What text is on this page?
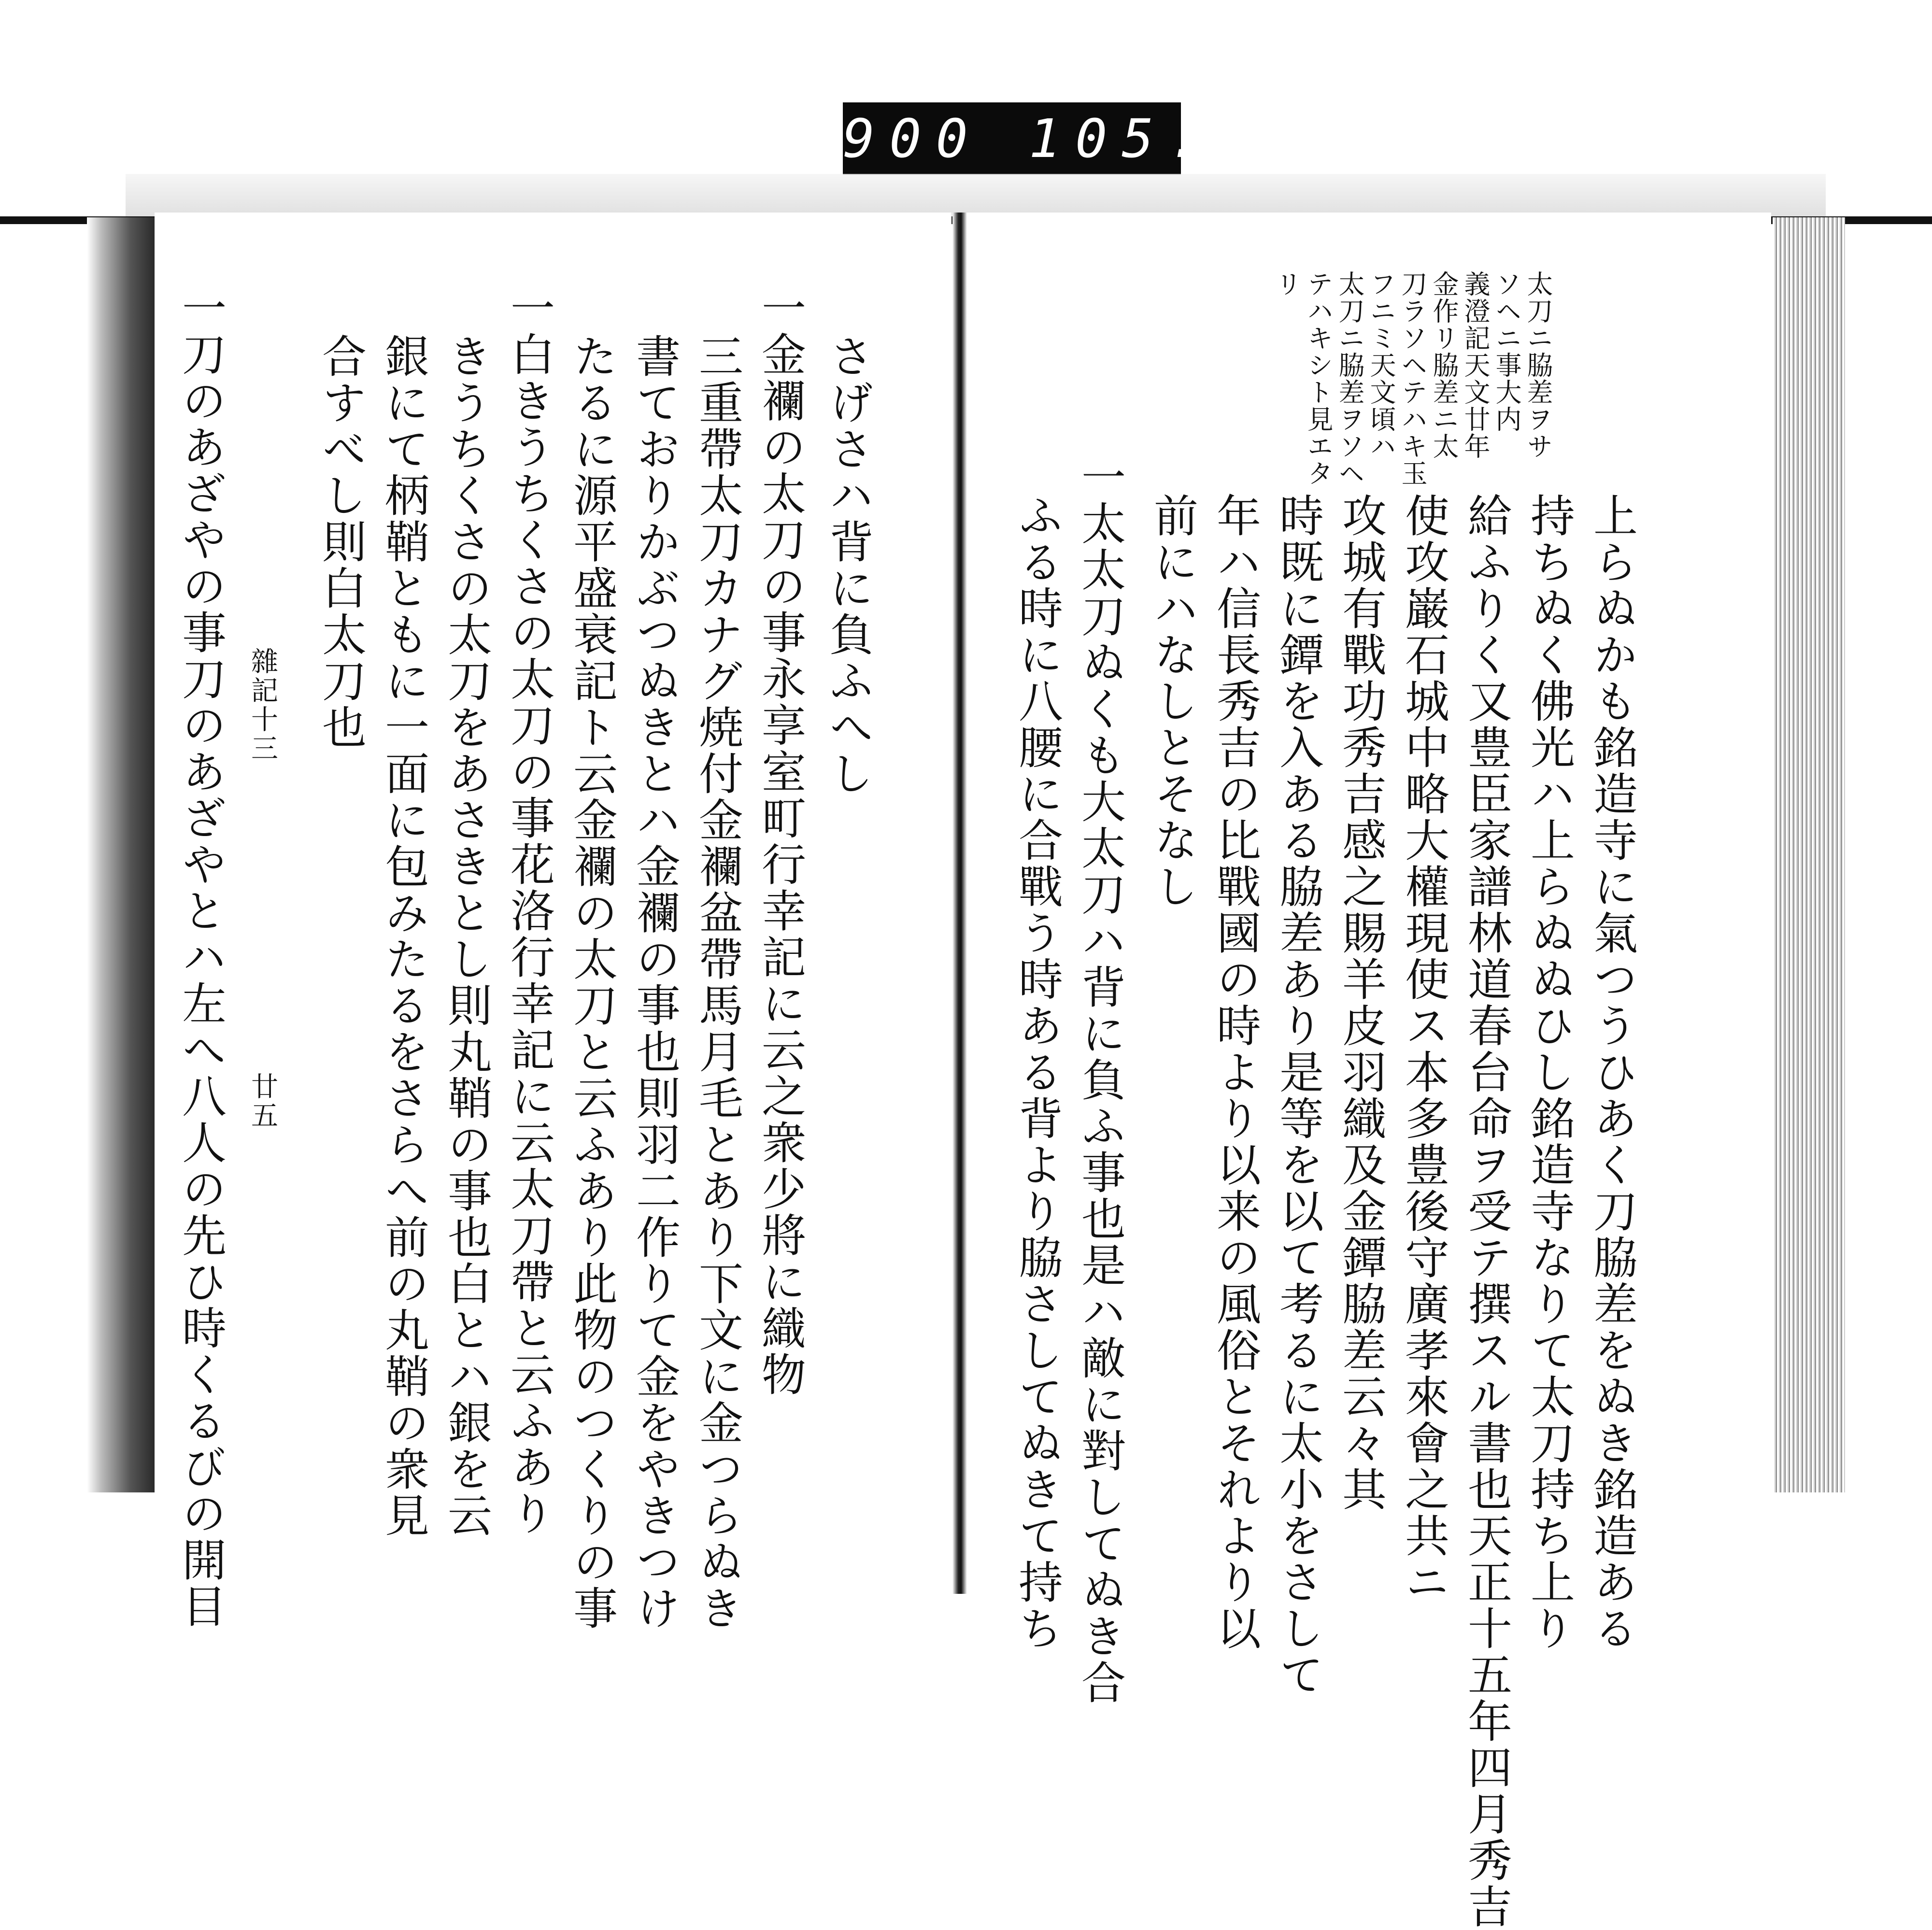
900 105.
さげさハ背に負ふへし
一金襴の太刀の事永享室町行幸記に云之衆少將に織物
三重帶太刀カナグ焼付金襴盆帶馬月毛とあり下文に金つらぬき
書ておりかぶつぬきとハ金襴の事也則羽二作りて金をやきつけ
たるに源平盛衰記ト云金襴の太刀と云ふあり此物のつくりの事
一白きうちくさの太刀の事花洛行幸記に云太刀帶と云ふあり
きうちくさの太刀をあさきとし則丸鞘の事也白とハ銀を云
銀にて柄鞘ともに一面に包みたるをさらへ前の丸鞘の衆見
合すべし則白太刀也
一刀のあざやの事刀のあざやとハ左へ八人の先ひ時くるびの開目 雜記十三
廿五
太刀ニ脇差ヲサ
ソヘニ事大内
義澄記天文廿年
金作リ脇差ニ太
刀ラソヘテハキ玉
フニミ天文頃ハ
太刀ニ脇差ヲソヘ
テハキシト見エタ
リ
上らぬかも銘造寺に氣つうひあく刀脇差をぬき銘造ある
持ちぬく佛光ハ上らぬぬひし銘造寺なりて太刀持ち上り
給ふりく又豊臣家譜林道春台命ヲ受テ撰スル書也天正十五年四月秀吉
使攻巌石城中略大權現使ス本多豊後守廣孝來會之共ニ
攻城有戰功秀吉感之賜羊皮羽織及金鐔脇差云々其
時既に鐔を入ある脇差あり是等を以て考るに太小をさして
年ハ信長秀吉の比戰國の時より以来の風俗とそれより以
前にハなしとそなし
一太太刀ぬくも大太刀ハ背に負ふ事也是ハ敵に對してぬき合
ふる時に八腰に合戰う時ある背より脇さしてぬきて持ち
